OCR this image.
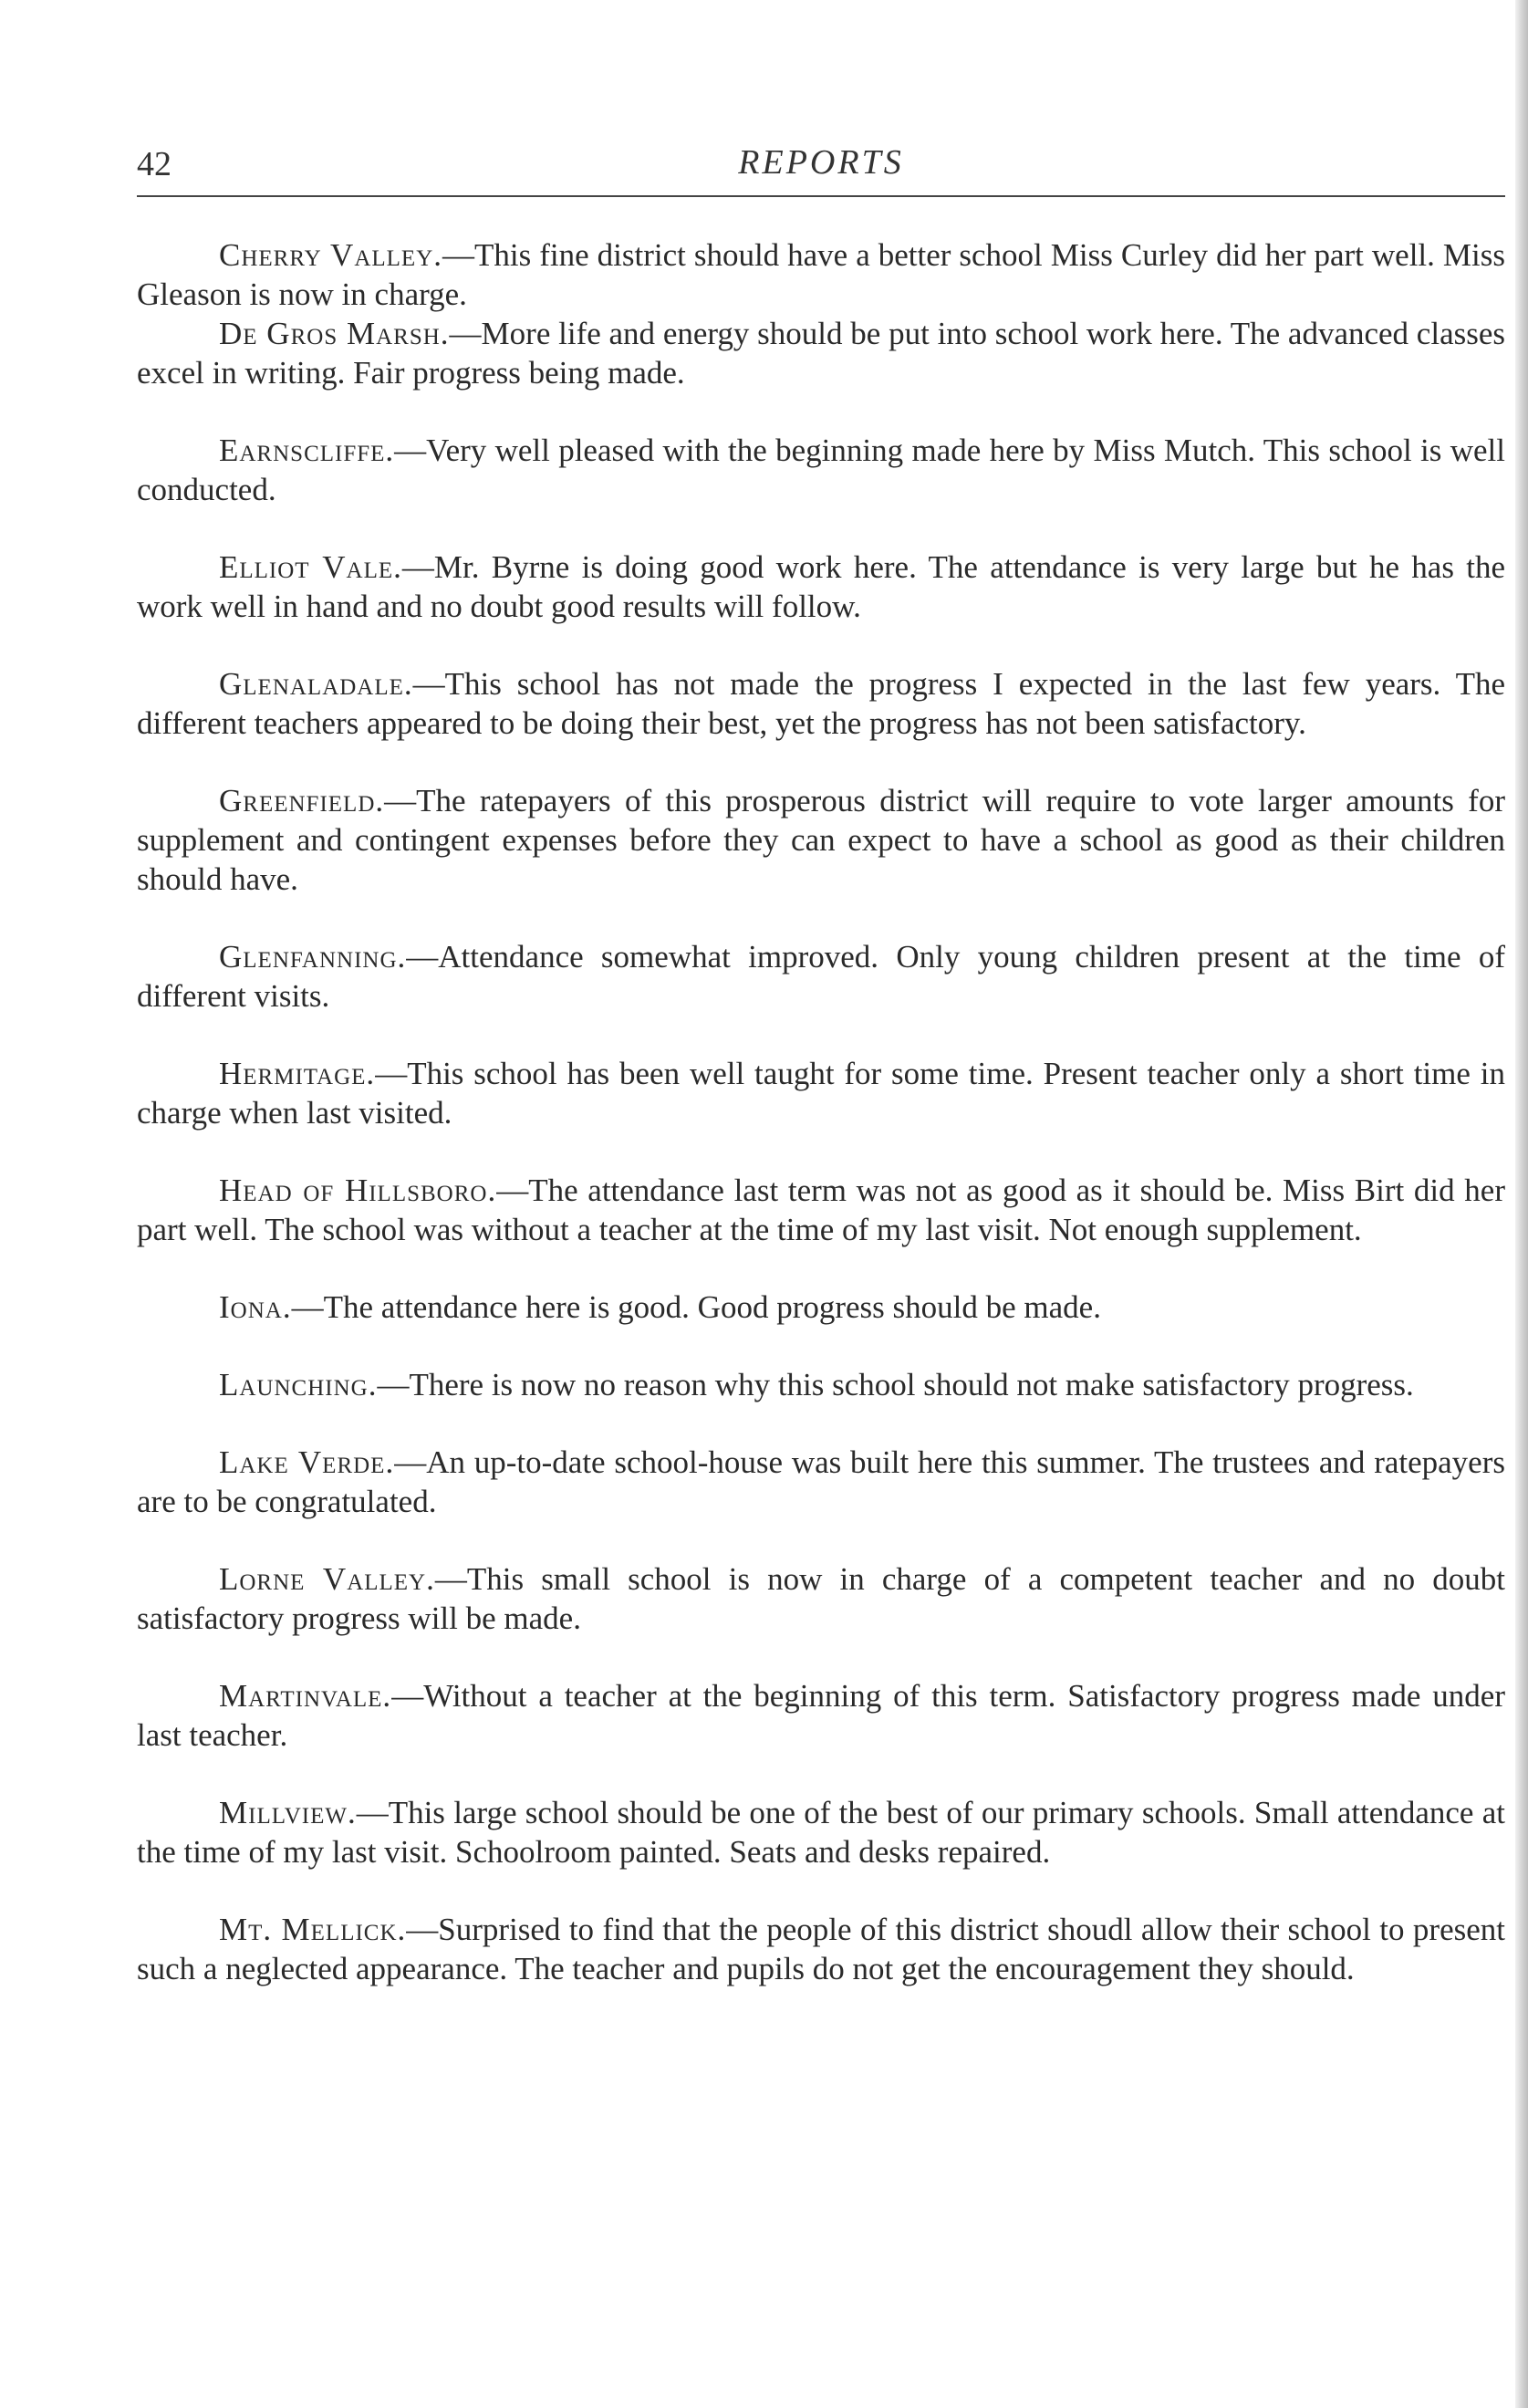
42	REPORTS

Cherry Valley.—This fine district should have a better school Miss Curley did her part well. Miss Gleason is now in charge.

De Gros Marsh.—More life and energy should be put into school work here. The advanced classes excel in writing. Fair progress being made.

Earnscliffe.—Very well pleased with the beginning made here by Miss Mutch. This school is well conducted.

Elliot Vale.—Mr. Byrne is doing good work here. The attendance is very large but he has the work well in hand and no doubt good results will follow.

Glenaladale.—This school has not made the progress I expected in the last few years. The different teachers appeared to be doing their best, yet the progress has not been satisfactory.

Greenfield.—The ratepayers of this prosperous district will require to vote larger amounts for supplement and contingent expenses before they can expect to have a school as good as their children should have.

Glenfanning.—Attendance somewhat improved. Only young children present at the time of different visits.

Hermitage.—This school has been well taught for some time. Present teacher only a short time in charge when last visited.

Head of Hillsboro.—The attendance last term was not as good as it should be. Miss Birt did her part well. The school was without a teacher at the time of my last visit. Not enough supplement.

Iona.—The attendance here is good. Good progress should be made.

Launching.—There is now no reason why this school should not make satisfactory progress.

Lake Verde.—An up-to-date school-house was built here this summer. The trustees and ratepayers are to be congratulated.

Lorne Valley.—This small school is now in charge of a competent teacher and no doubt satisfactory progress will be made.

Martinvale.—Without a teacher at the beginning of this term. Satisfactory progress made under last teacher.

Millview.—This large school should be one of the best of our primary schools. Small attendance at the time of my last visit. Schoolroom painted. Seats and desks repaired.

Mt. Mellick.—Surprised to find that the people of this district shoudl allow their school to present such a neglected appearance. The teacher and pupils do not get the encouragement they should.
